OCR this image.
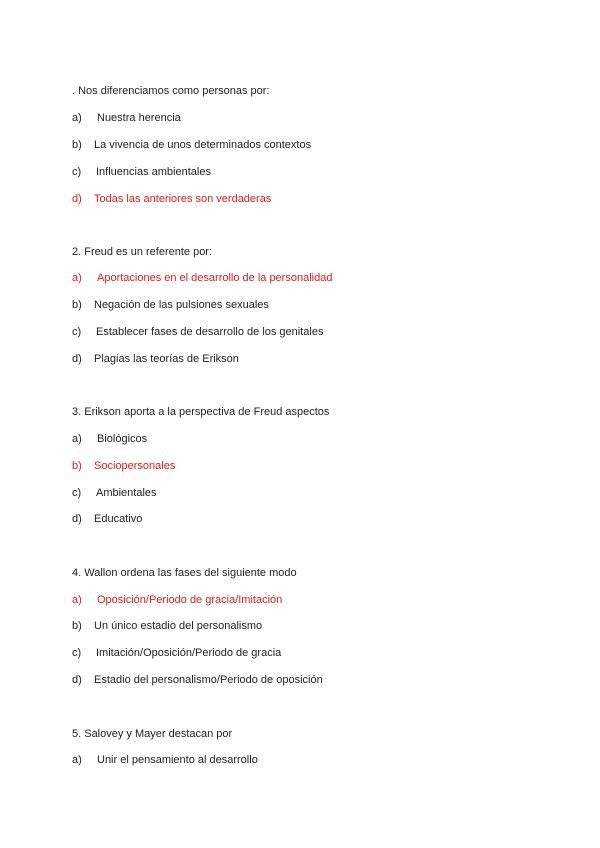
. Nos diferenciamos como personas por:
a) Nuestra herencia
b) La vivencia de unos determinados contextos
c) Influencias ambientales
d) Todas las anteriores son verdaderas
2. Freud es un referente por:
a) Aportaciones en el desarrollo de la personalidad
b) Negación de las pulsiones sexuales
c) Establecer fases de desarrollo de los genitales
d) Plagias las teorías de Erikson
3. Erikson aporta a la perspectiva de Freud aspectos
a) Biológicos
b) Sociopersonales
c) Ambientales
d) Educativo
4. Wallon ordena las fases del siguiente modo
a) Oposición/Periodo de gracia/Imitación
b) Un único estadio del personalismo
c) Imitación/Oposición/Periodo de gracia
d) Estadio del personalismo/Periodo de oposición
5. Salovey y Mayer destacan por
a) Unir el pensamiento al desarrollo
